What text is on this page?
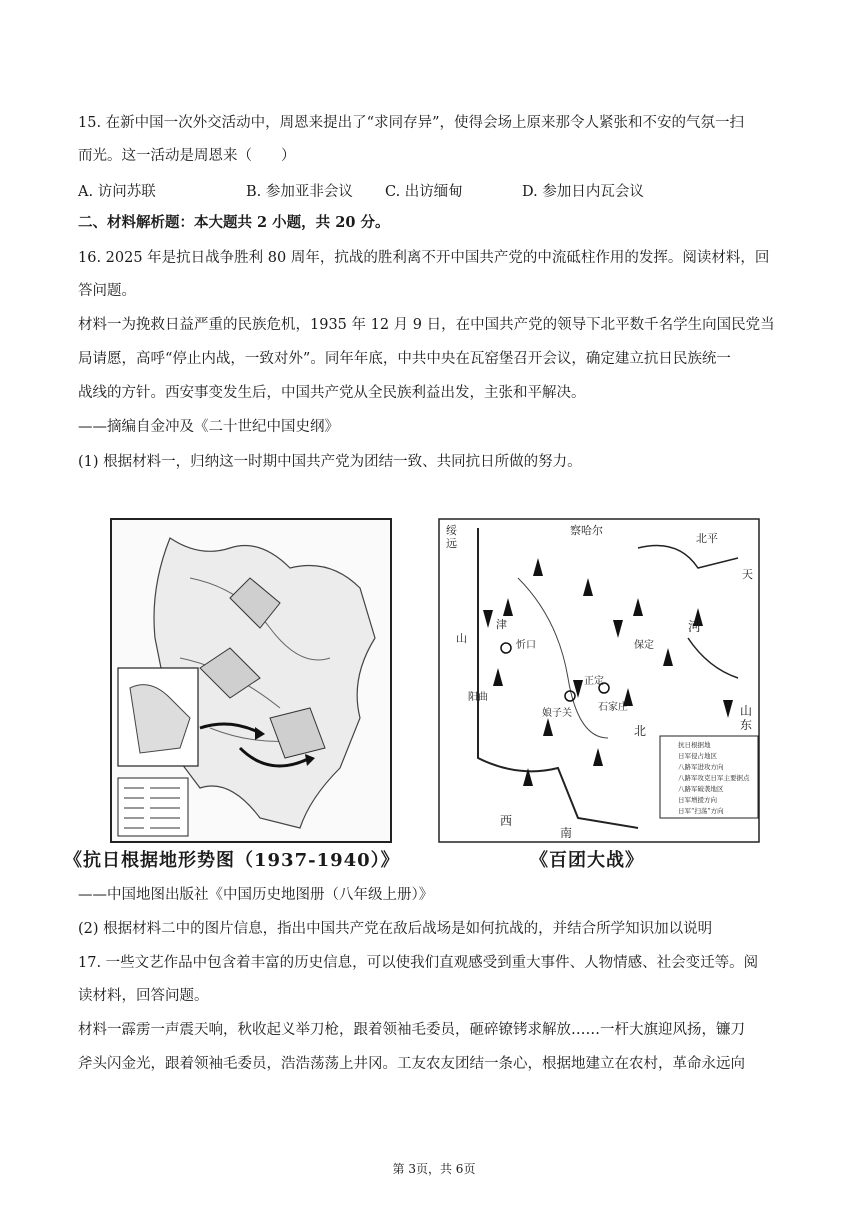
15. 在新中国一次外交活动中，周恩来提出了“求同存异”，使得会场上原来那令人紧张和不安的气氛一扫
而光。这一活动是周恩来（　　）
A. 访问苏联	B. 参加亚非会议 C. 出访缅甸	D. 参加日内瓦会议
二、材料解析题：本大题共 2 小题，共 20 分。
16. 2025 年是抗日战争胜利 80 周年，抗战的胜利离不开中国共产党的中流砥柱作用的发挥。阅读材料，回
答问题。
材料一为挽救日益严重的民族危机，1935 年 12 月 9 日，在中国共产党的领导下北平数千名学生向国民党当
局请愿，高呼“停止内战，一致对外”。同年年底，中共中央在瓦窑堡召开会议，确定建立抗日民族统一
战线的方针。西安事变发生后，中国共产党从全民族利益出发，主张和平解决。
——摘编自金冲及《二十世纪中国史纲》
(1) 根据材料一，归纳这一时期中国共产党为团结一致、共同抗日所做的努力。
绥远
察哈尔
北平
天
山
津
保定
河
忻口
正定
阳曲
石家庄
娘子关
北
山东
西
南
抗日根据地
日军侵占地区
八路军进攻方向
八路军攻克日军主要据点
八路军破袭地区
日军增援方向
日军“扫荡”方向
《抗日根据地形势图（1937-1940）》	《百团大战》
——中国地图出版社《中国历史地图册（八年级上册）》
(2) 根据材料二中的图片信息，指出中国共产党在敌后战场是如何抗战的，并结合所学知识加以说明
17. 一些文艺作品中包含着丰富的历史信息，可以使我们直观感受到重大事件、人物情感、社会变迁等。阅
读材料，回答问题。
材料一霹雳一声震天响，秋收起义举刀枪，跟着领袖毛委员，砸碎镣铐求解放……一杆大旗迎风扬，镰刀
斧头闪金光，跟着领袖毛委员，浩浩荡荡上井冈。工友农友团结一条心，根据地建立在农村，革命永远向
第 3页，共 6页
